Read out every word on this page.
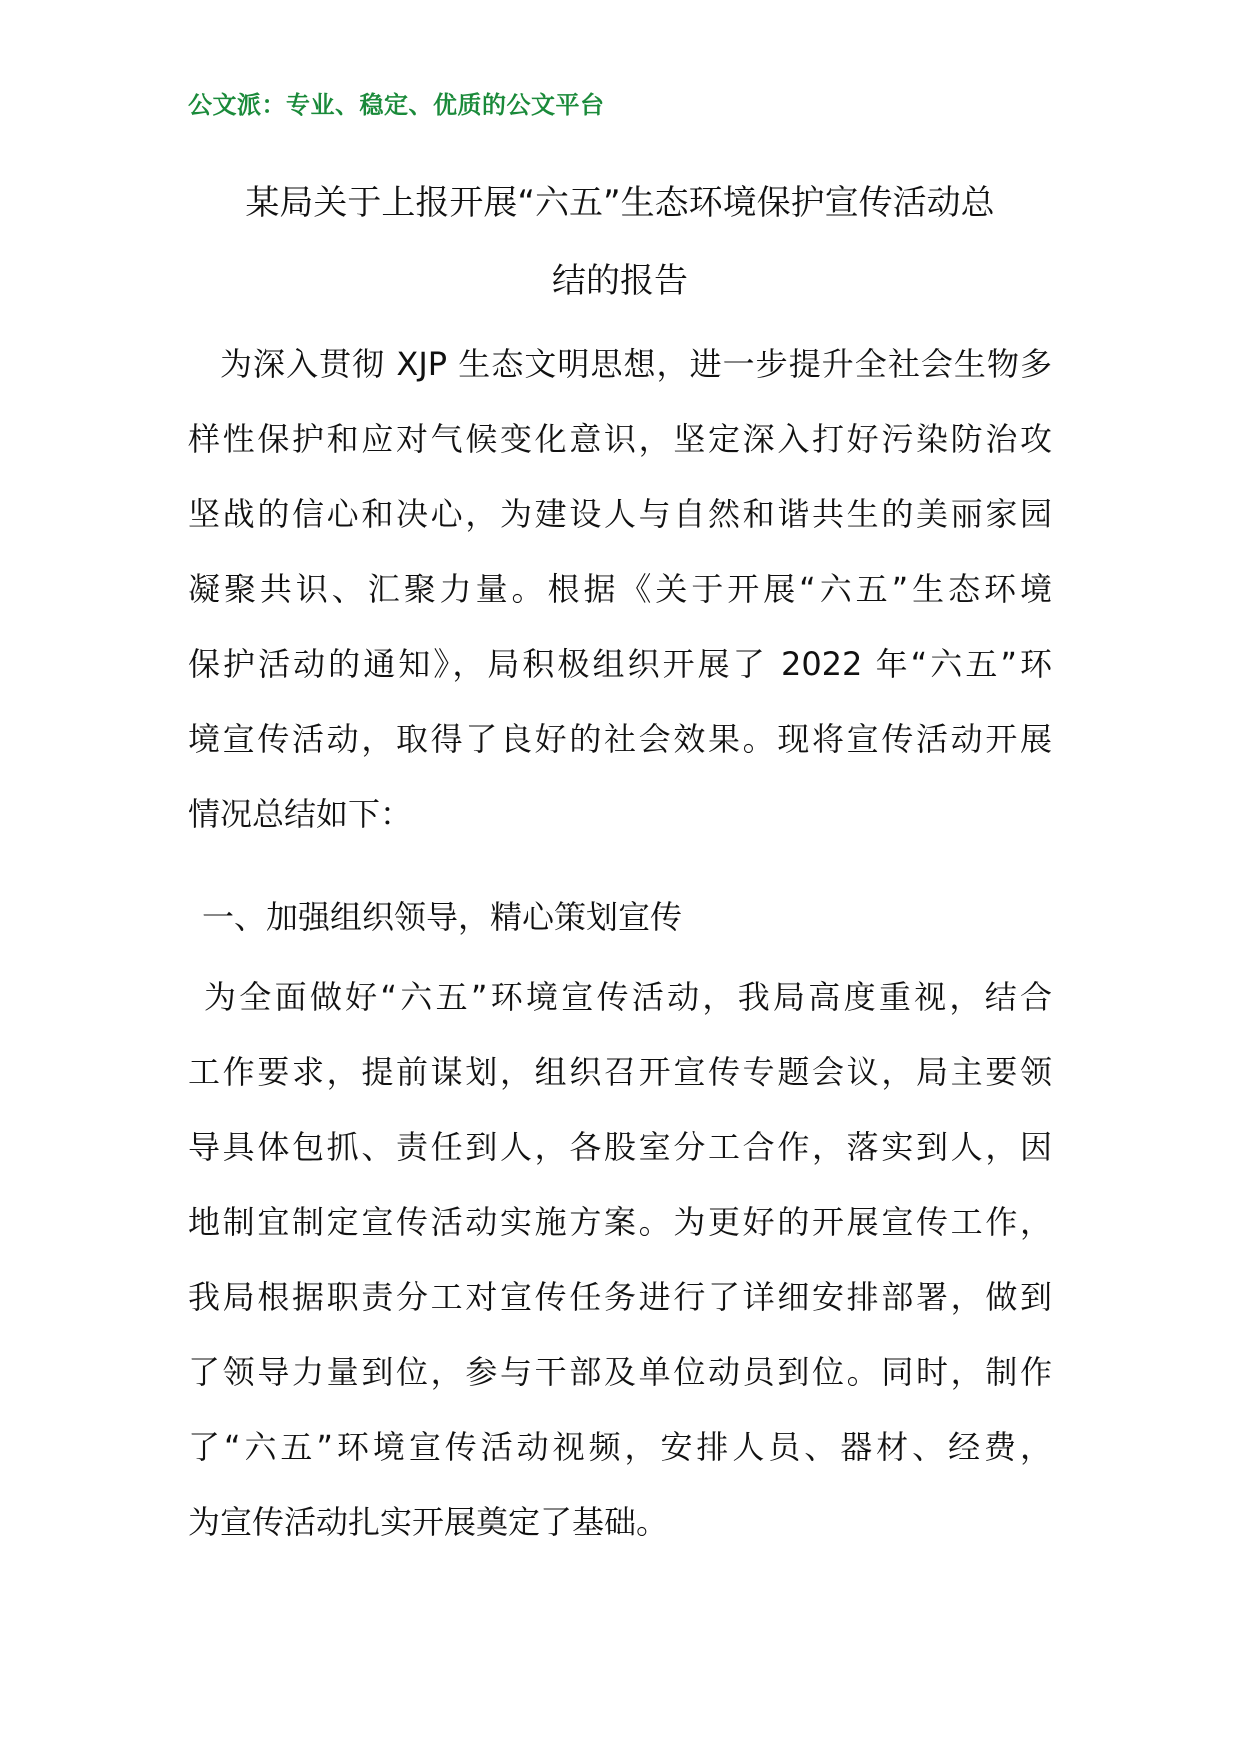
公文派：专业、稳定、优质的公文平台
某局关于上报开展“六五”生态环境保护宣传活动总
结的报告
为深入贯彻 XJP 生态文明思想，进一步提升全社会生物多
样性保护和应对气候变化意识，坚定深入打好污染防治攻
坚战的信心和决心，为建设人与自然和谐共生的美丽家园
凝聚共识、汇聚力量。根据《关于开展“六五”生态环境
保护活动的通知》，局积极组织开展了 2022 年“六五”环
境宣传活动，取得了良好的社会效果。现将宣传活动开展
情况总结如下：
一、加强组织领导，精心策划宣传
为全面做好“六五”环境宣传活动，我局高度重视，结合
工作要求，提前谋划，组织召开宣传专题会议，局主要领
导具体包抓、责任到人，各股室分工合作，落实到人，因
地制宜制定宣传活动实施方案。为更好的开展宣传工作，
我局根据职责分工对宣传任务进行了详细安排部署，做到
了领导力量到位，参与干部及单位动员到位。同时，制作
了“六五”环境宣传活动视频，安排人员、器材、经费，
为宣传活动扎实开展奠定了基础。
